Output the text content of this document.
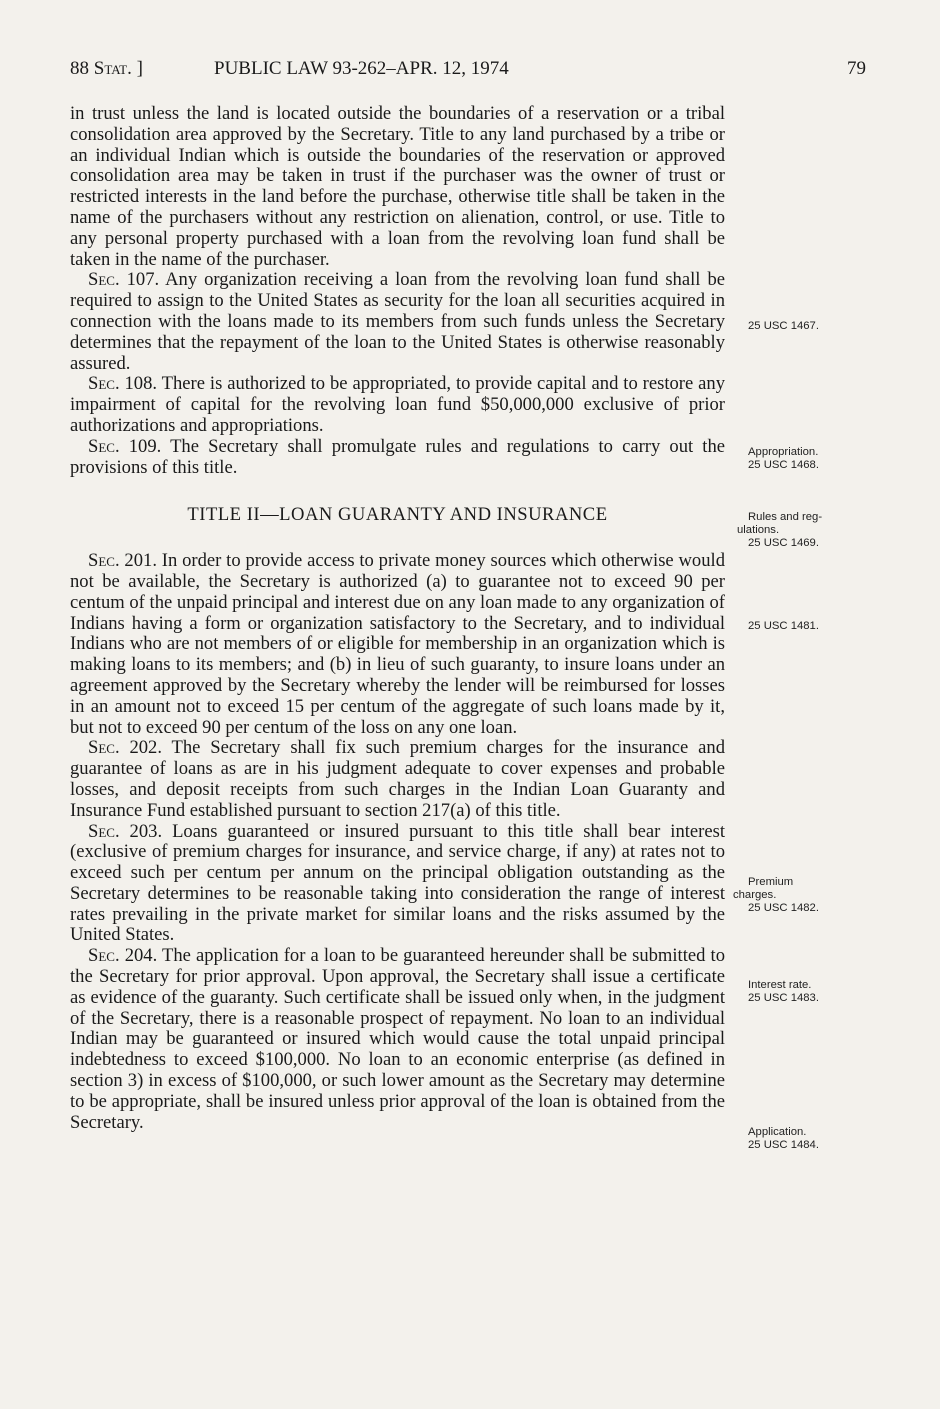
88 Stat. ]	PUBLIC LAW 93-262–APR. 12, 1974	79

in trust unless the land is located outside the boundaries of a reservation or a tribal consolidation area approved by the Secretary. Title to any land purchased by a tribe or an individual Indian which is outside the boundaries of the reservation or approved consolidation area may be taken in trust if the purchaser was the owner of trust or restricted interests in the land before the purchase, otherwise title shall be taken in the name of the purchasers without any restriction on alienation, control, or use. Title to any personal property purchased with a loan from the revolving loan fund shall be taken in the name of the purchaser.

Sec. 107. Any organization receiving a loan from the revolving loan fund shall be required to assign to the United States as security for the loan all securities acquired in connection with the loans made to its members from such funds unless the Secretary determines that the repayment of the loan to the United States is otherwise reasonably assured.

Sec. 108. There is authorized to be appropriated, to provide capital and to restore any impairment of capital for the revolving loan fund $50,000,000 exclusive of prior authorizations and appropriations.

Sec. 109. The Secretary shall promulgate rules and regulations to carry out the provisions of this title.

TITLE II—LOAN GUARANTY AND INSURANCE

Sec. 201. In order to provide access to private money sources which otherwise would not be available, the Secretary is authorized (a) to guarantee not to exceed 90 per centum of the unpaid principal and interest due on any loan made to any organization of Indians having a form or organization satisfactory to the Secretary, and to individual Indians who are not members of or eligible for membership in an organization which is making loans to its members; and (b) in lieu of such guaranty, to insure loans under an agreement approved by the Secretary whereby the lender will be reimbursed for losses in an amount not to exceed 15 per centum of the aggregate of such loans made by it, but not to exceed 90 per centum of the loss on any one loan.

Sec. 202. The Secretary shall fix such premium charges for the insurance and guarantee of loans as are in his judgment adequate to cover expenses and probable losses, and deposit receipts from such charges in the Indian Loan Guaranty and Insurance Fund established pursuant to section 217(a) of this title.

Sec. 203. Loans guaranteed or insured pursuant to this title shall bear interest (exclusive of premium charges for insurance, and service charge, if any) at rates not to exceed such per centum per annum on the principal obligation outstanding as the Secretary determines to be reasonable taking into consideration the range of interest rates prevailing in the private market for similar loans and the risks assumed by the United States.

Sec. 204. The application for a loan to be guaranteed hereunder shall be submitted to the Secretary for prior approval. Upon approval, the Secretary shall issue a certificate as evidence of the guaranty. Such certificate shall be issued only when, in the judgment of the Secretary, there is a reasonable prospect of repayment. No loan to an individual Indian may be guaranteed or insured which would cause the total unpaid principal indebtedness to exceed $100,000. No loan to an economic enterprise (as defined in section 3) in excess of $100,000, or such lower amount as the Secretary may determine to be appropriate, shall be insured unless prior approval of the loan is obtained from the Secretary.

25 USC 1467.
Appropriation.
25 USC 1468.
Rules and reg-
ulations.
25 USC 1469.
25 USC 1481.
Premium
charges.
25 USC 1482.
Interest rate.
25 USC 1483.
Application.
25 USC 1484.
